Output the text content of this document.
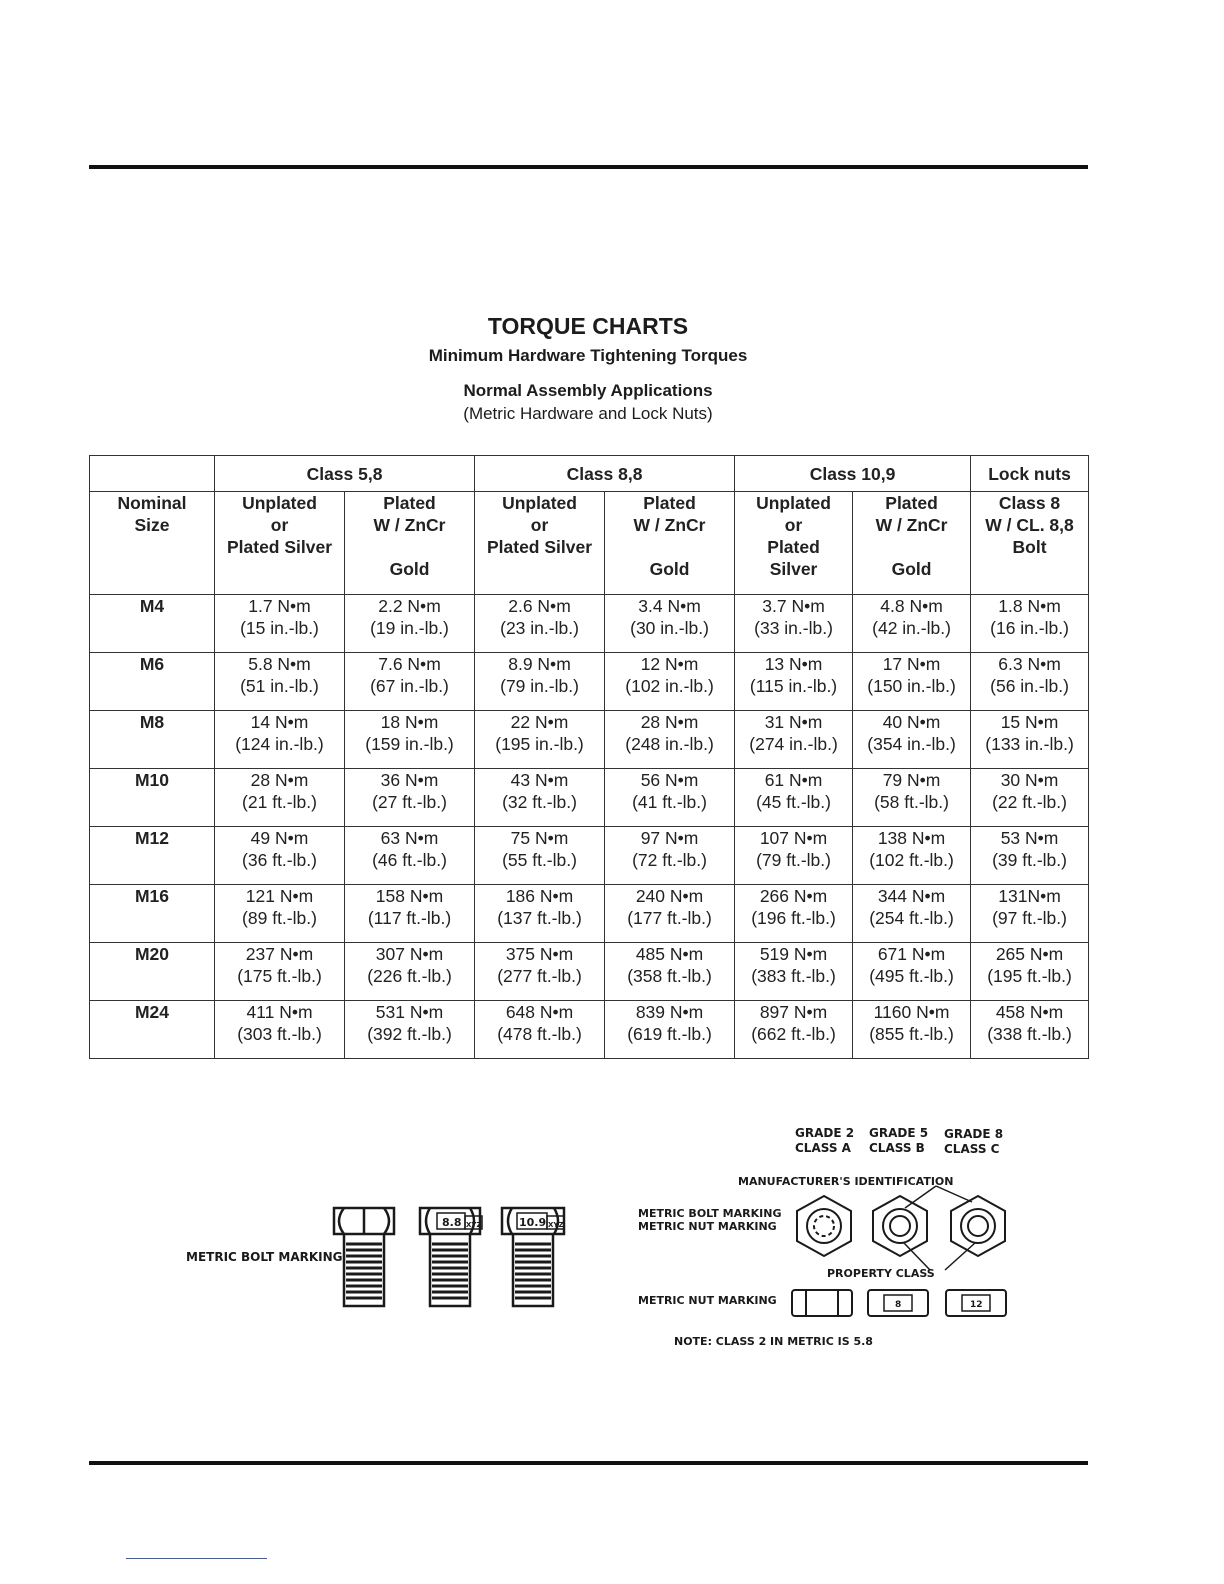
TORQUE CHARTS
Minimum Hardware Tightening Torques
Normal Assembly Applications
(Metric Hardware and Lock Nuts)
	Class 5,8		Class 8,8		Class 10,9		Lock nuts

Nominal
Size	Unplated
or
Plated Silver	Plated
W / ZnCr

Gold	Unplated
or
Plated Silver	Plated
W / ZnCr

Gold	Unplated
or
Plated
Silver	Plated
W / ZnCr

Gold	Class 8
W / CL. 8,8
Bolt

M4	1.7 N•m
(15 in.-lb.)	2.2 N•m
(19 in.-lb.)	2.6 N•m
(23 in.-lb.)	3.4 N•m
(30 in.-lb.)	3.7 N•m
(33 in.-lb.)	4.8 N•m
(42 in.-lb.)	1.8 N•m
(16 in.-lb.)

M6	5.8 N•m
(51 in.-lb.)	7.6 N•m
(67 in.-lb.)	8.9 N•m
(79 in.-lb.)	12 N•m
(102 in.-lb.)	13 N•m
(115 in.-lb.)	17 N•m
(150 in.-lb.)	6.3 N•m
(56 in.-lb.)

M8	14 N•m
(124 in.-lb.)	18 N•m
(159 in.-lb.)	22 N•m
(195 in.-lb.)	28 N•m
(248 in.-lb.)	31 N•m
(274 in.-lb.)	40 N•m
(354 in.-lb.)	15 N•m
(133 in.-lb.)

M10	28 N•m
(21 ft.-lb.)	36 N•m
(27 ft.-lb.)	43 N•m
(32 ft.-lb.)	56 N•m
(41 ft.-lb.)	61 N•m
(45 ft.-lb.)	79 N•m
(58 ft.-lb.)	30 N•m
(22 ft.-lb.)

M12	49 N•m
(36 ft.-lb.)	63 N•m
(46 ft.-lb.)	75 N•m
(55 ft.-lb.)	97 N•m
(72 ft.-lb.)	107 N•m
(79 ft.-lb.)	138 N•m
(102 ft.-lb.)	53 N•m
(39 ft.-lb.)

M16	121 N•m
(89 ft.-lb.)	158 N•m
(117 ft.-lb.)	186 N•m
(137 ft.-lb.)	240 N•m
(177 ft.-lb.)	266 N•m
(196 ft.-lb.)	344 N•m
(254 ft.-lb.)	131N•m
(97 ft.-lb.)

M20	237 N•m
(175 ft.-lb.)	307 N•m
(226 ft.-lb.)	375 N•m
(277 ft.-lb.)	485 N•m
(358 ft.-lb.)	519 N•m
(383 ft.-lb.)	671 N•m
(495 ft.-lb.)	265 N•m
(195 ft.-lb.)

M24	411 N•m
(303 ft.-lb.)	531 N•m
(392 ft.-lb.)	648 N•m
(478 ft.-lb.)	839 N•m
(619 ft.-lb.)	897 N•m
(662 ft.-lb.)	1160 N•m
(855 ft.-lb.)	458 N•m
(338 ft.-lb.)
METRIC BOLT MARKING
8.8 XYZ	10.9 XYZ
GRADE 2
CLASS A
GRADE 5
CLASS B
GRADE 8
CLASS C
MANUFACTURER'S IDENTIFICATION
METRIC BOLT MARKING
METRIC NUT MARKING
PROPERTY CLASS
METRIC NUT MARKING	8	12
NOTE: CLASS 2 IN METRIC IS 5.8
